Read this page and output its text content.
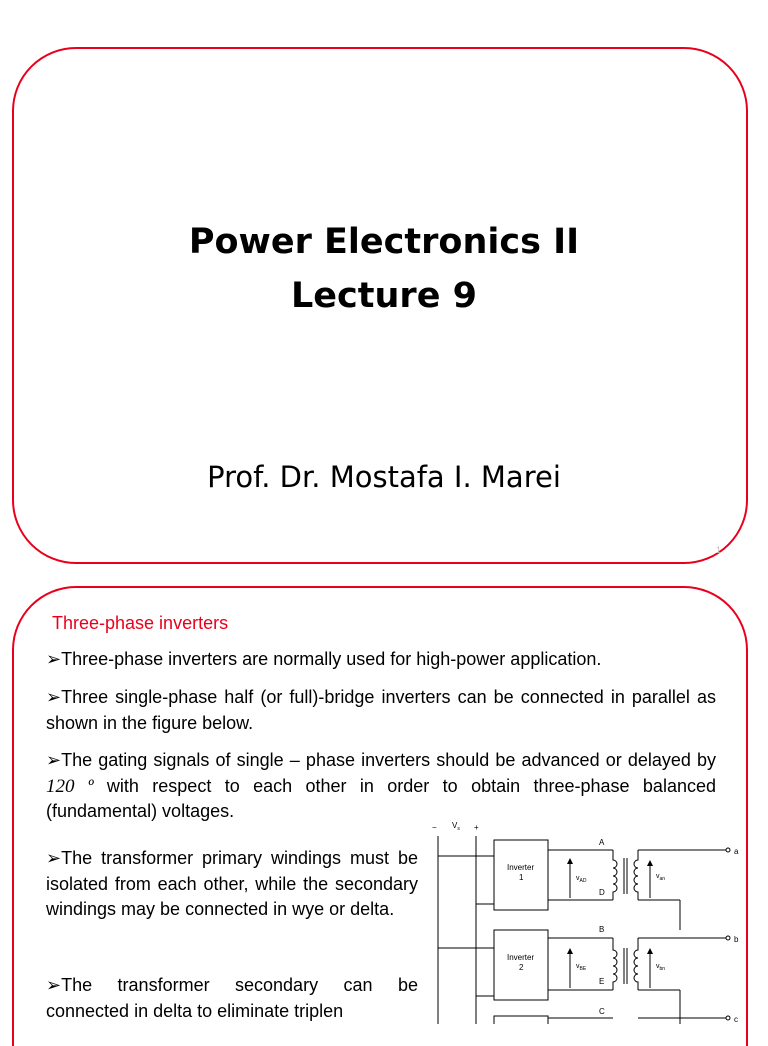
Power Electronics II
Lecture 9
Prof. Dr. Mostafa I. Marei
1
Three-phase inverters
➢Three-phase inverters are normally used for high-power application.
➢Three single-phase half (or full)-bridge inverters can be connected in parallel as shown in the figure below.
➢The gating signals of single – phase inverters should be advanced or delayed by 120 º with respect to each other in order to obtain three-phase balanced (fundamental) voltages.
➢The transformer primary windings must be isolated from each other, while the secondary windings may be connected in wye or delta.
➢The transformer secondary can be connected in delta to eliminate triplen
−	+
$V_s$
Inverter
1
A
D
$v_{AD}$
$v_{an}$
a
Inverter
2
B
E
$v_{BE}$	$v_{bn}$
b
C
c
